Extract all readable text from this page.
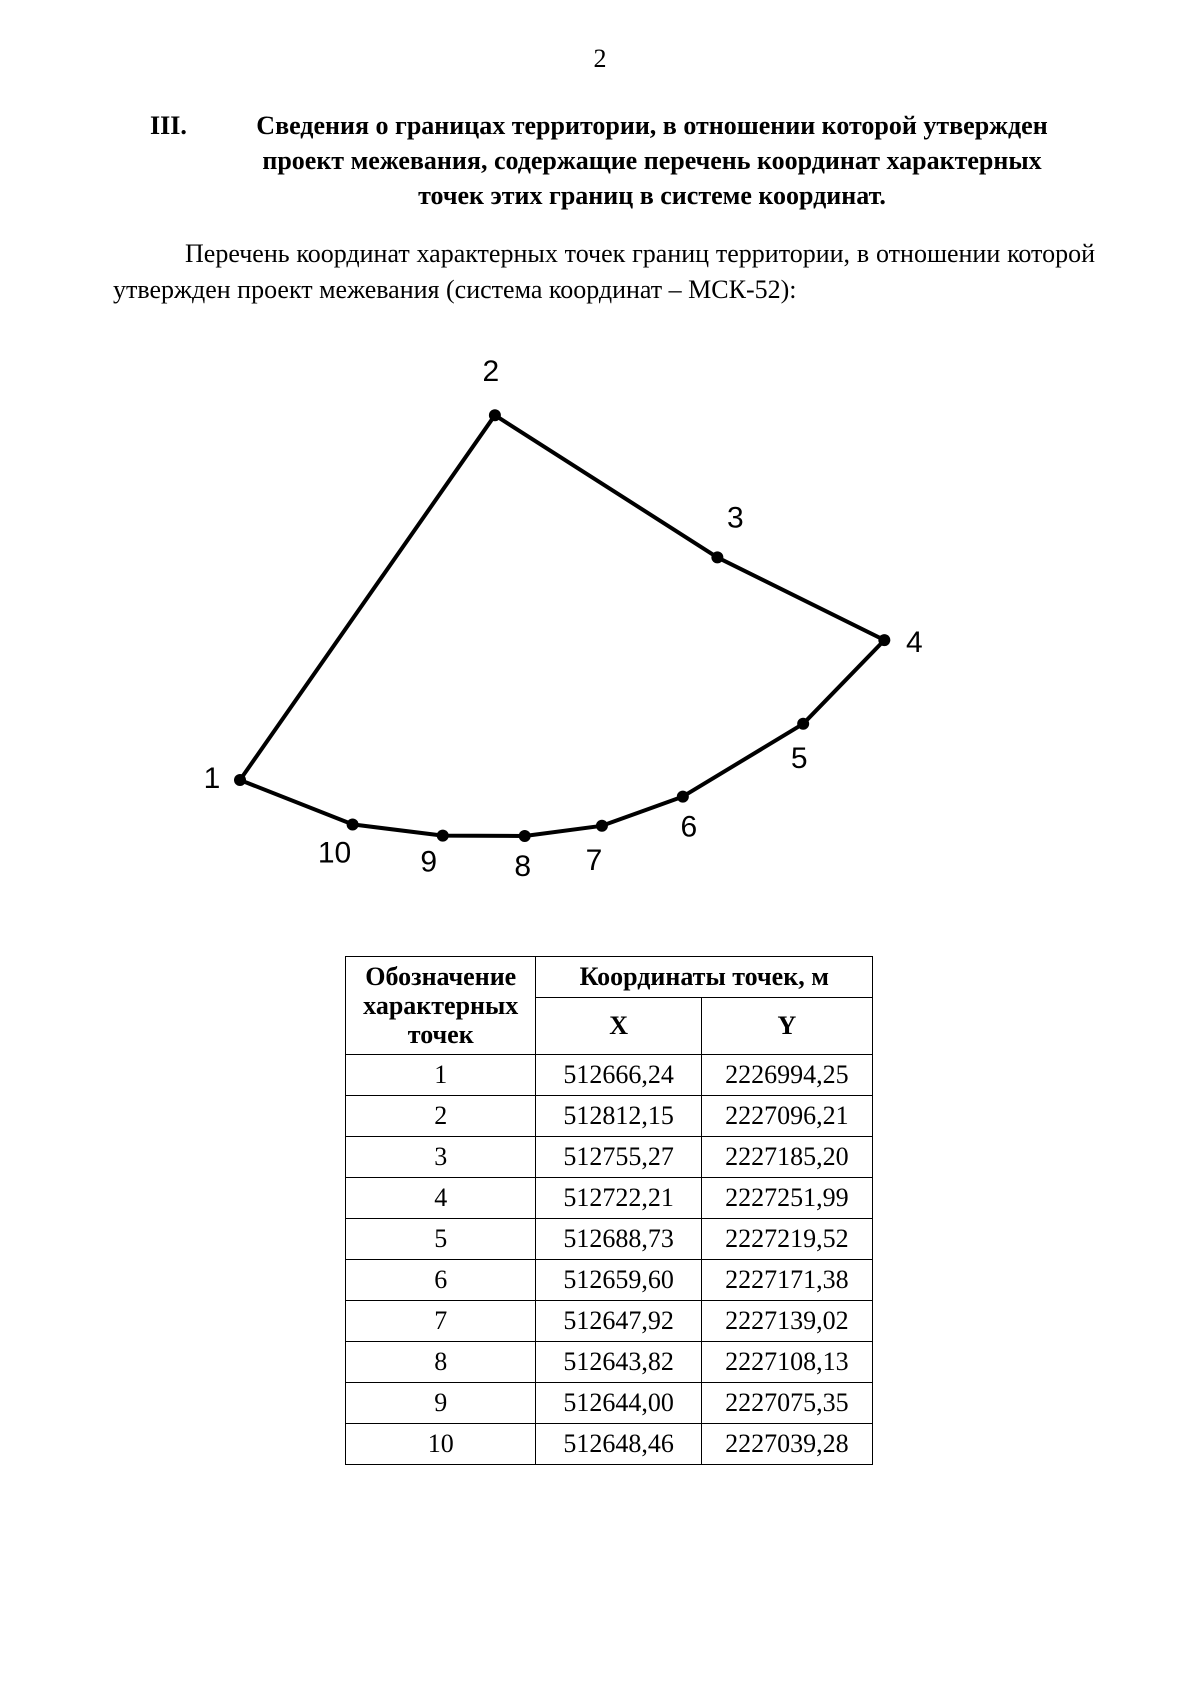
2
III.	Сведения о границах территории, в отношении которой утвержден проект межевания, содержащие перечень координат характерных точек этих границ в системе координат.
Перечень координат характерных точек границ территории, в отношении которой утвержден проект межевания (система координат – МСК-52):
1
2
3
4
5
6
7
8
9
10
Обозначение характерных точек	Координаты точек, м	
	X	Y
1	512666,24	2226994,25
2	512812,15	2227096,21
3	512755,27	2227185,20
4	512722,21	2227251,99
5	512688,73	2227219,52
6	512659,60	2227171,38
7	512647,92	2227139,02
8	512643,82	2227108,13
9	512644,00	2227075,35
10	512648,46	2227039,28
